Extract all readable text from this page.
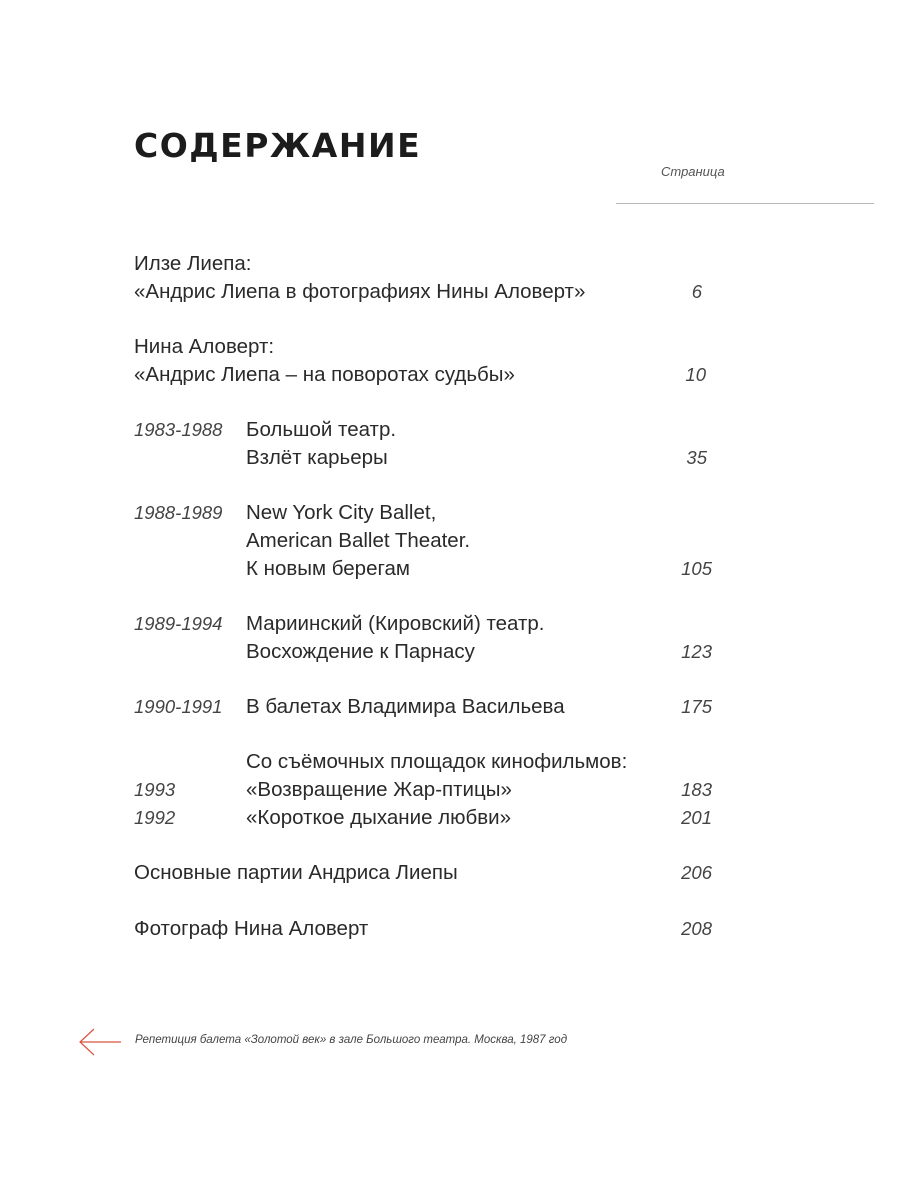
СОДЕРЖАНИЕ
Страница
Илзе Лиепа:
«Андрис Лиепа в фотографиях Нины Аловерт»	6
Нина Аловерт:
«Андрис Лиепа – на поворотах судьбы»	10
1983-1988 Большой театр.
Взлёт карьеры	35
1988-1989 New York City Ballet,
American Ballet Theater.
К новым берегам	105
1989-1994 Мариинский (Кировский) театр.
Восхождение к Парнасу	123
1990-1991 В балетах Владимира Васильева	175
Со съёмочных площадок кинофильмов:
1993	«Возвращение Жар-птицы»	183
1992	«Короткое дыхание любви»	201
Основные партии Андриса Лиепы	206
Фотограф Нина Аловерт	208
Репетиция балета «Золотой век» в зале Большого театра. Москва, 1987 год
